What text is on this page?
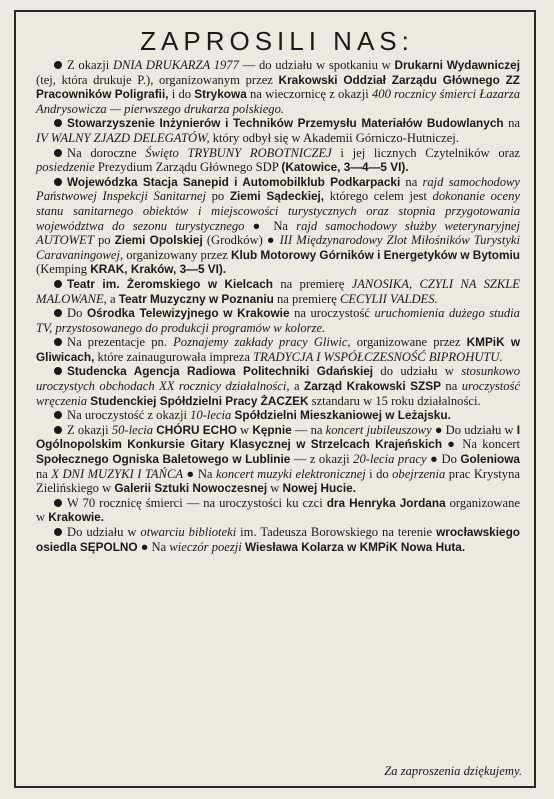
ZAPROSILI NAS:

Z okazji DNIA DRUKARZA 1977 — do udziału w spotkaniu w Drukarni Wydawniczej (tej, która drukuje P.), organizowanym przez Krakowski Oddział Zarządu Głównego ZZ Pracowników Poligrafii, i do Strykowa na wieczornicę z okazji 400 rocznicy śmierci Łazarza Andrysowicza — pierwszego drukarza polskiego.

Stowarzyszenie Inżynierów i Techników Przemysłu Materiałów Budowlanych na IV WALNY ZJAZD DELEGATÓW, który odbył się w Akademii Górniczo-Hutniczej.

Na doroczne Święto TRYBUNY ROBOTNICZEJ i jej licznych Czytelników oraz posiedzenie Prezydium Zarządu Głównego SDP (Katowice, 3—4—5 VI).

Wojewódzka Stacja Sanepid i Automobilklub Podkarpacki na rajd samochodowy Państwowej Inspekcji Sanitarnej po Ziemi Sądeckiej, którego celem jest dokonanie oceny stanu sanitarnego obiektów i miejscowości turystycznych oraz stopnia przygotowania województwa do sezonu turystycznego ● Na rajd samochodowy służby weterynaryjnej AUTOWET po Ziemi Opolskiej (Grodków) ● III Międzynarodowy Zlot Miłośników Turystyki Caravaningowej, organizowany przez Klub Motorowy Górników i Energetyków w Bytomiu (Kemping KRAK, Kraków, 3—5 VI).

Teatr im. Żeromskiego w Kielcach na premierę JANOSIKA, CZYLI NA SZKLE MALOWANE, a Teatr Muzyczny w Poznaniu na premierę CECYLII VALDES.

Do Ośrodka Telewizyjnego w Krakowie na uroczystość uruchomienia dużego studia TV, przystosowanego do produkcji programów w kolorze.

Na prezentacje pn. Poznajemy zakłady pracy Gliwic, organizowane przez KMPiK w Gliwicach, które zainaugurowała impreza TRADYCJA I WSPÓŁCZESNOŚĆ BIPROHUTU.

Studencka Agencja Radiowa Politechniki Gdańskiej do udziału w stosunkowo uroczystych obchodach XX rocznicy działalności, a Zarząd Krakowski SZSP na uroczystość wręczenia Studenckiej Spółdzielni Pracy ŻACZEK sztandaru w 15 roku działalności.

Na uroczystość z okazji 10-lecia Spółdzielni Mieszkaniowej w Leżajsku.

Z okazji 50-lecia CHÓRU ECHO w Kępnie — na koncert jubileuszowy ● Do udziału w I Ogólnopolskim Konkursie Gitary Klasycznej w Strzelcach Krajeńskich ● Na koncert Społecznego Ogniska Baletowego w Lublinie — z okazji 20-lecia pracy ● Do Goleniowa na X DNI MUZYKI I TAŃCA ● Na koncert muzyki elektronicznej i do obejrzenia prac Krystyna Zielińskiego w Galerii Sztuki Nowoczesnej w Nowej Hucie.

W 70 rocznicę śmierci — na uroczystości ku czci dra Henryka Jordana organizowane w Krakowie.

Do udziału w otwarciu biblioteki im. Tadeusza Borowskiego na terenie wrocławskiego osiedla SĘPOLNO ● Na wieczór poezji Wiesława Kolarza w KMPiK Nowa Huta.

Za zaproszenia dziękujemy.
